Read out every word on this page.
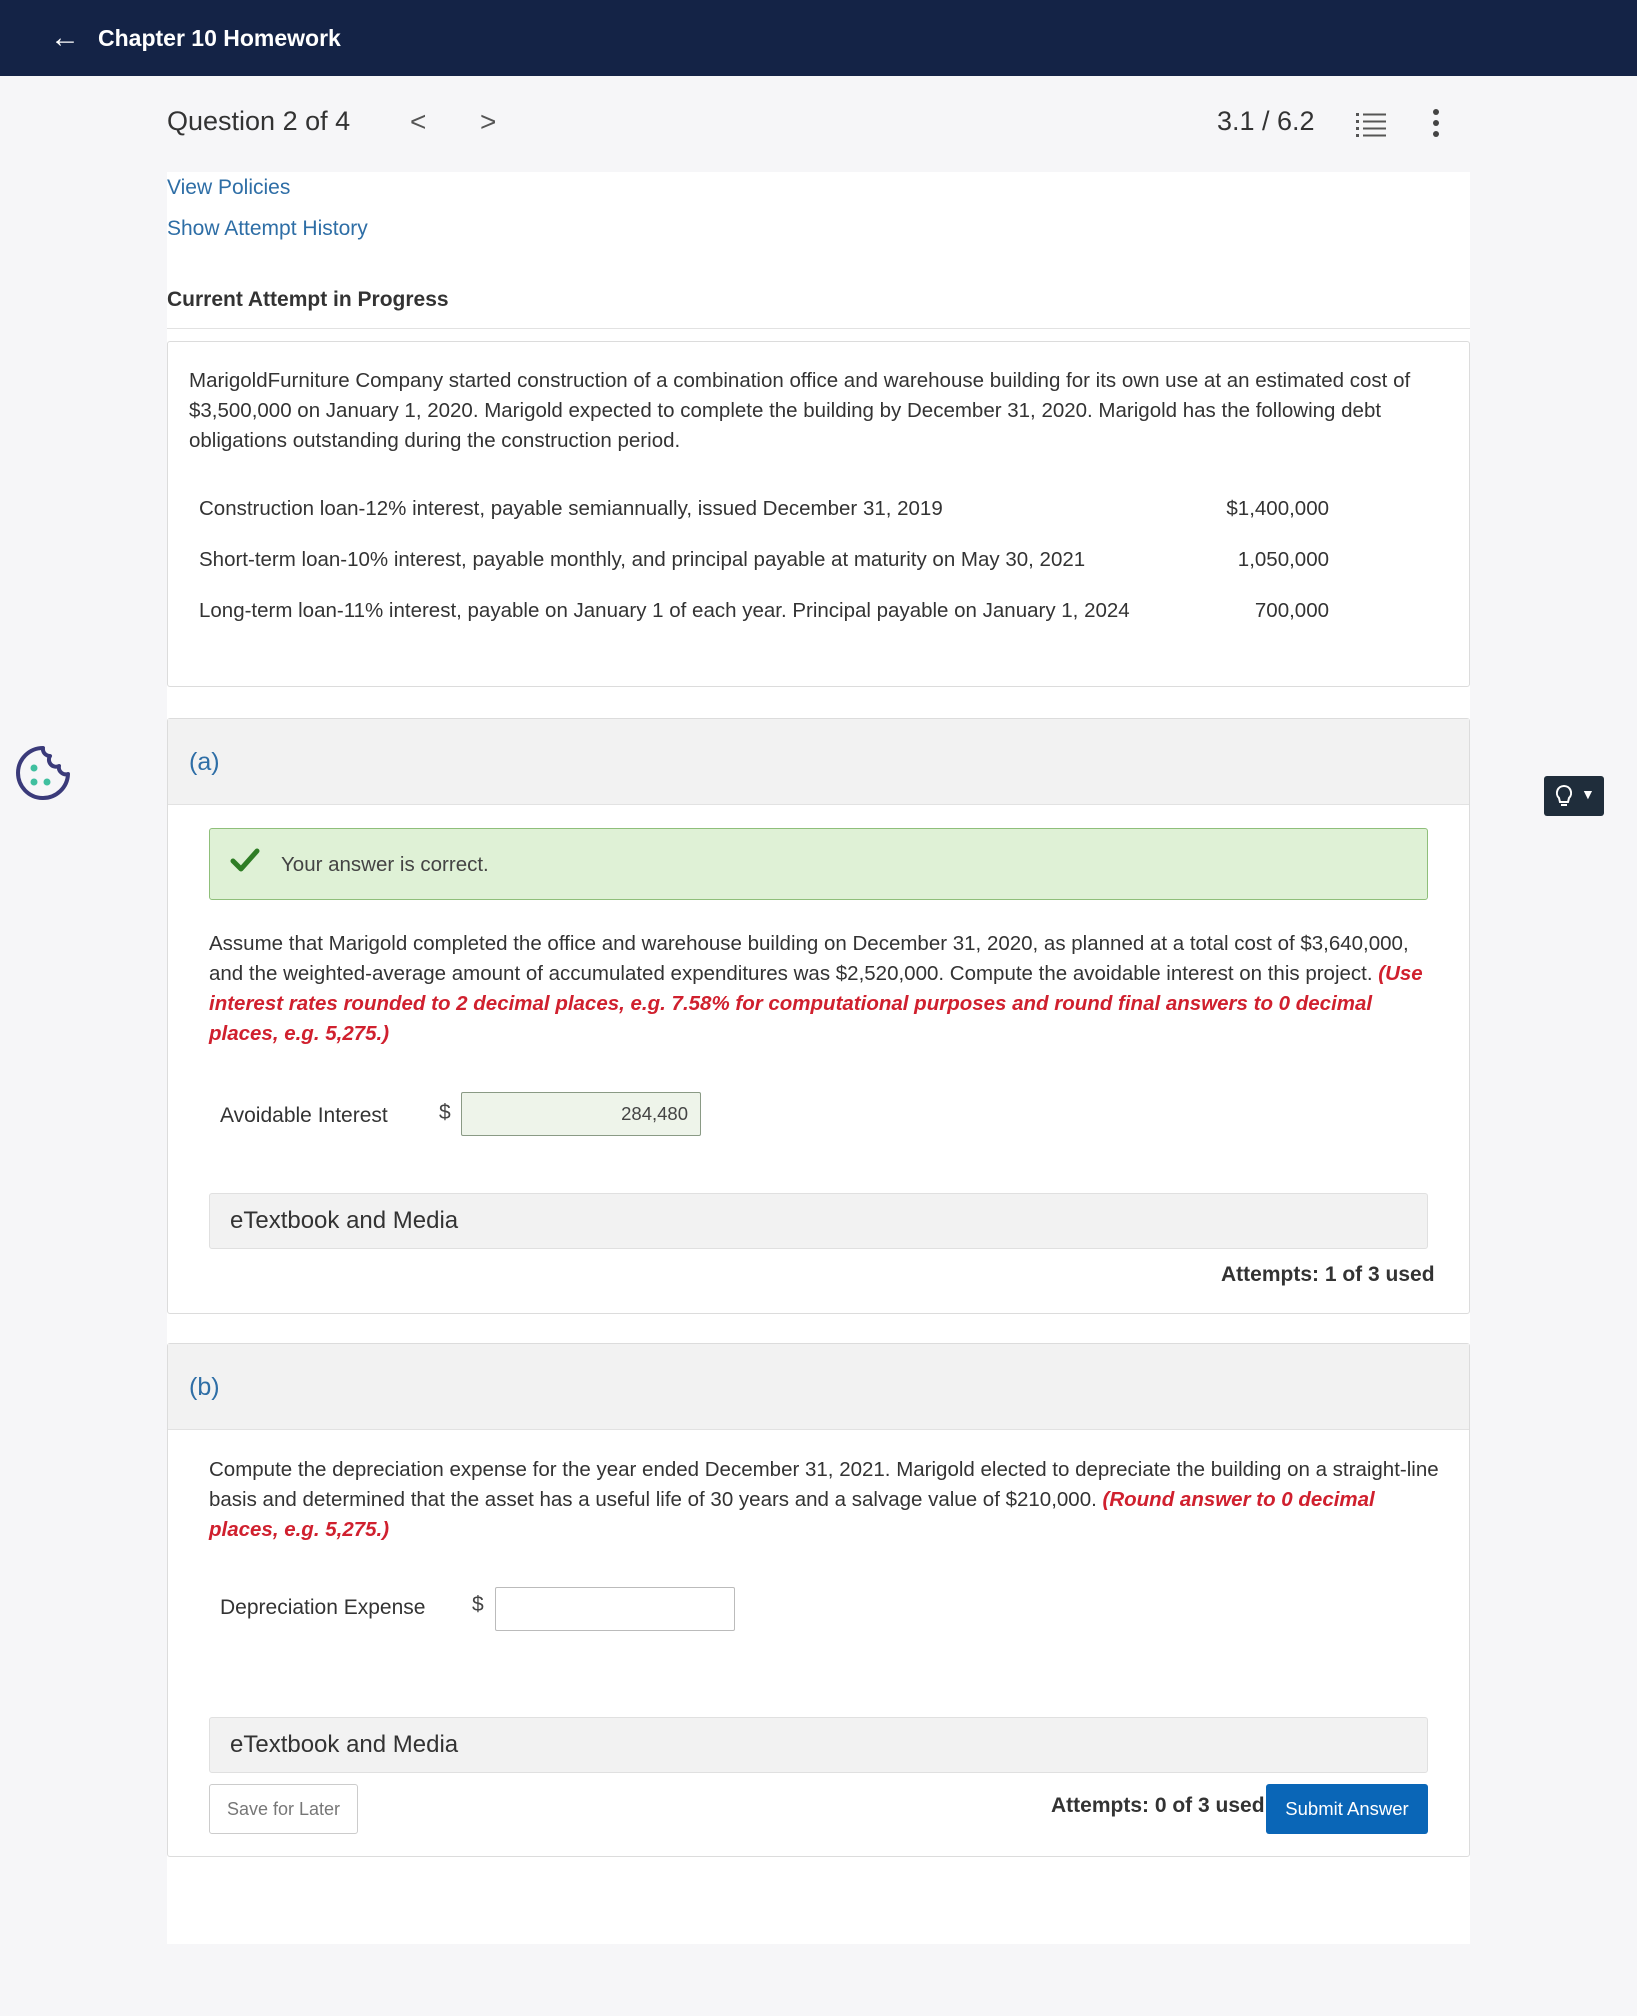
← Chapter 10 Homework
Question 2 of 4 < >	3.1 / 6.2
View Policies
Show Attempt History
Current Attempt in Progress

MarigoldFurniture Company started construction of a combination office and warehouse building for its own use at an estimated cost of $3,500,000 on January 1, 2020. Marigold expected to complete the building by December 31, 2020. Marigold has the following debt obligations outstanding during the construction period.

Construction loan-12% interest, payable semiannually, issued December 31, 2019	$1,400,000
Short-term loan-10% interest, payable monthly, and principal payable at maturity on May 30, 2021	1,050,000
Long-term loan-11% interest, payable on January 1 of each year. Principal payable on January 1, 2024	700,000
(a)
Your answer is correct.

Assume that Marigold completed the office and warehouse building on December 31, 2020, as planned at a total cost of $3,640,000, and the weighted-average amount of accumulated expenditures was $2,520,000. Compute the avoidable interest on this project. (Use interest rates rounded to 2 decimal places, e.g. 7.58% for computational purposes and round final answers to 0 decimal places, e.g. 5,275.)

Avoidable Interest $
284,480
eTextbook and Media
Attempts: 1 of 3 used
(b)

Compute the depreciation expense for the year ended December 31, 2021. Marigold elected to depreciate the building on a straight-line basis and determined that the asset has a useful life of 30 years and a salvage value of $210,000. (Round answer to 0 decimal places, e.g. 5,275.)

Depreciation Expense $
eTextbook and Media
Save for Later	Attempts: 0 of 3 used	Submit Answer
▼
